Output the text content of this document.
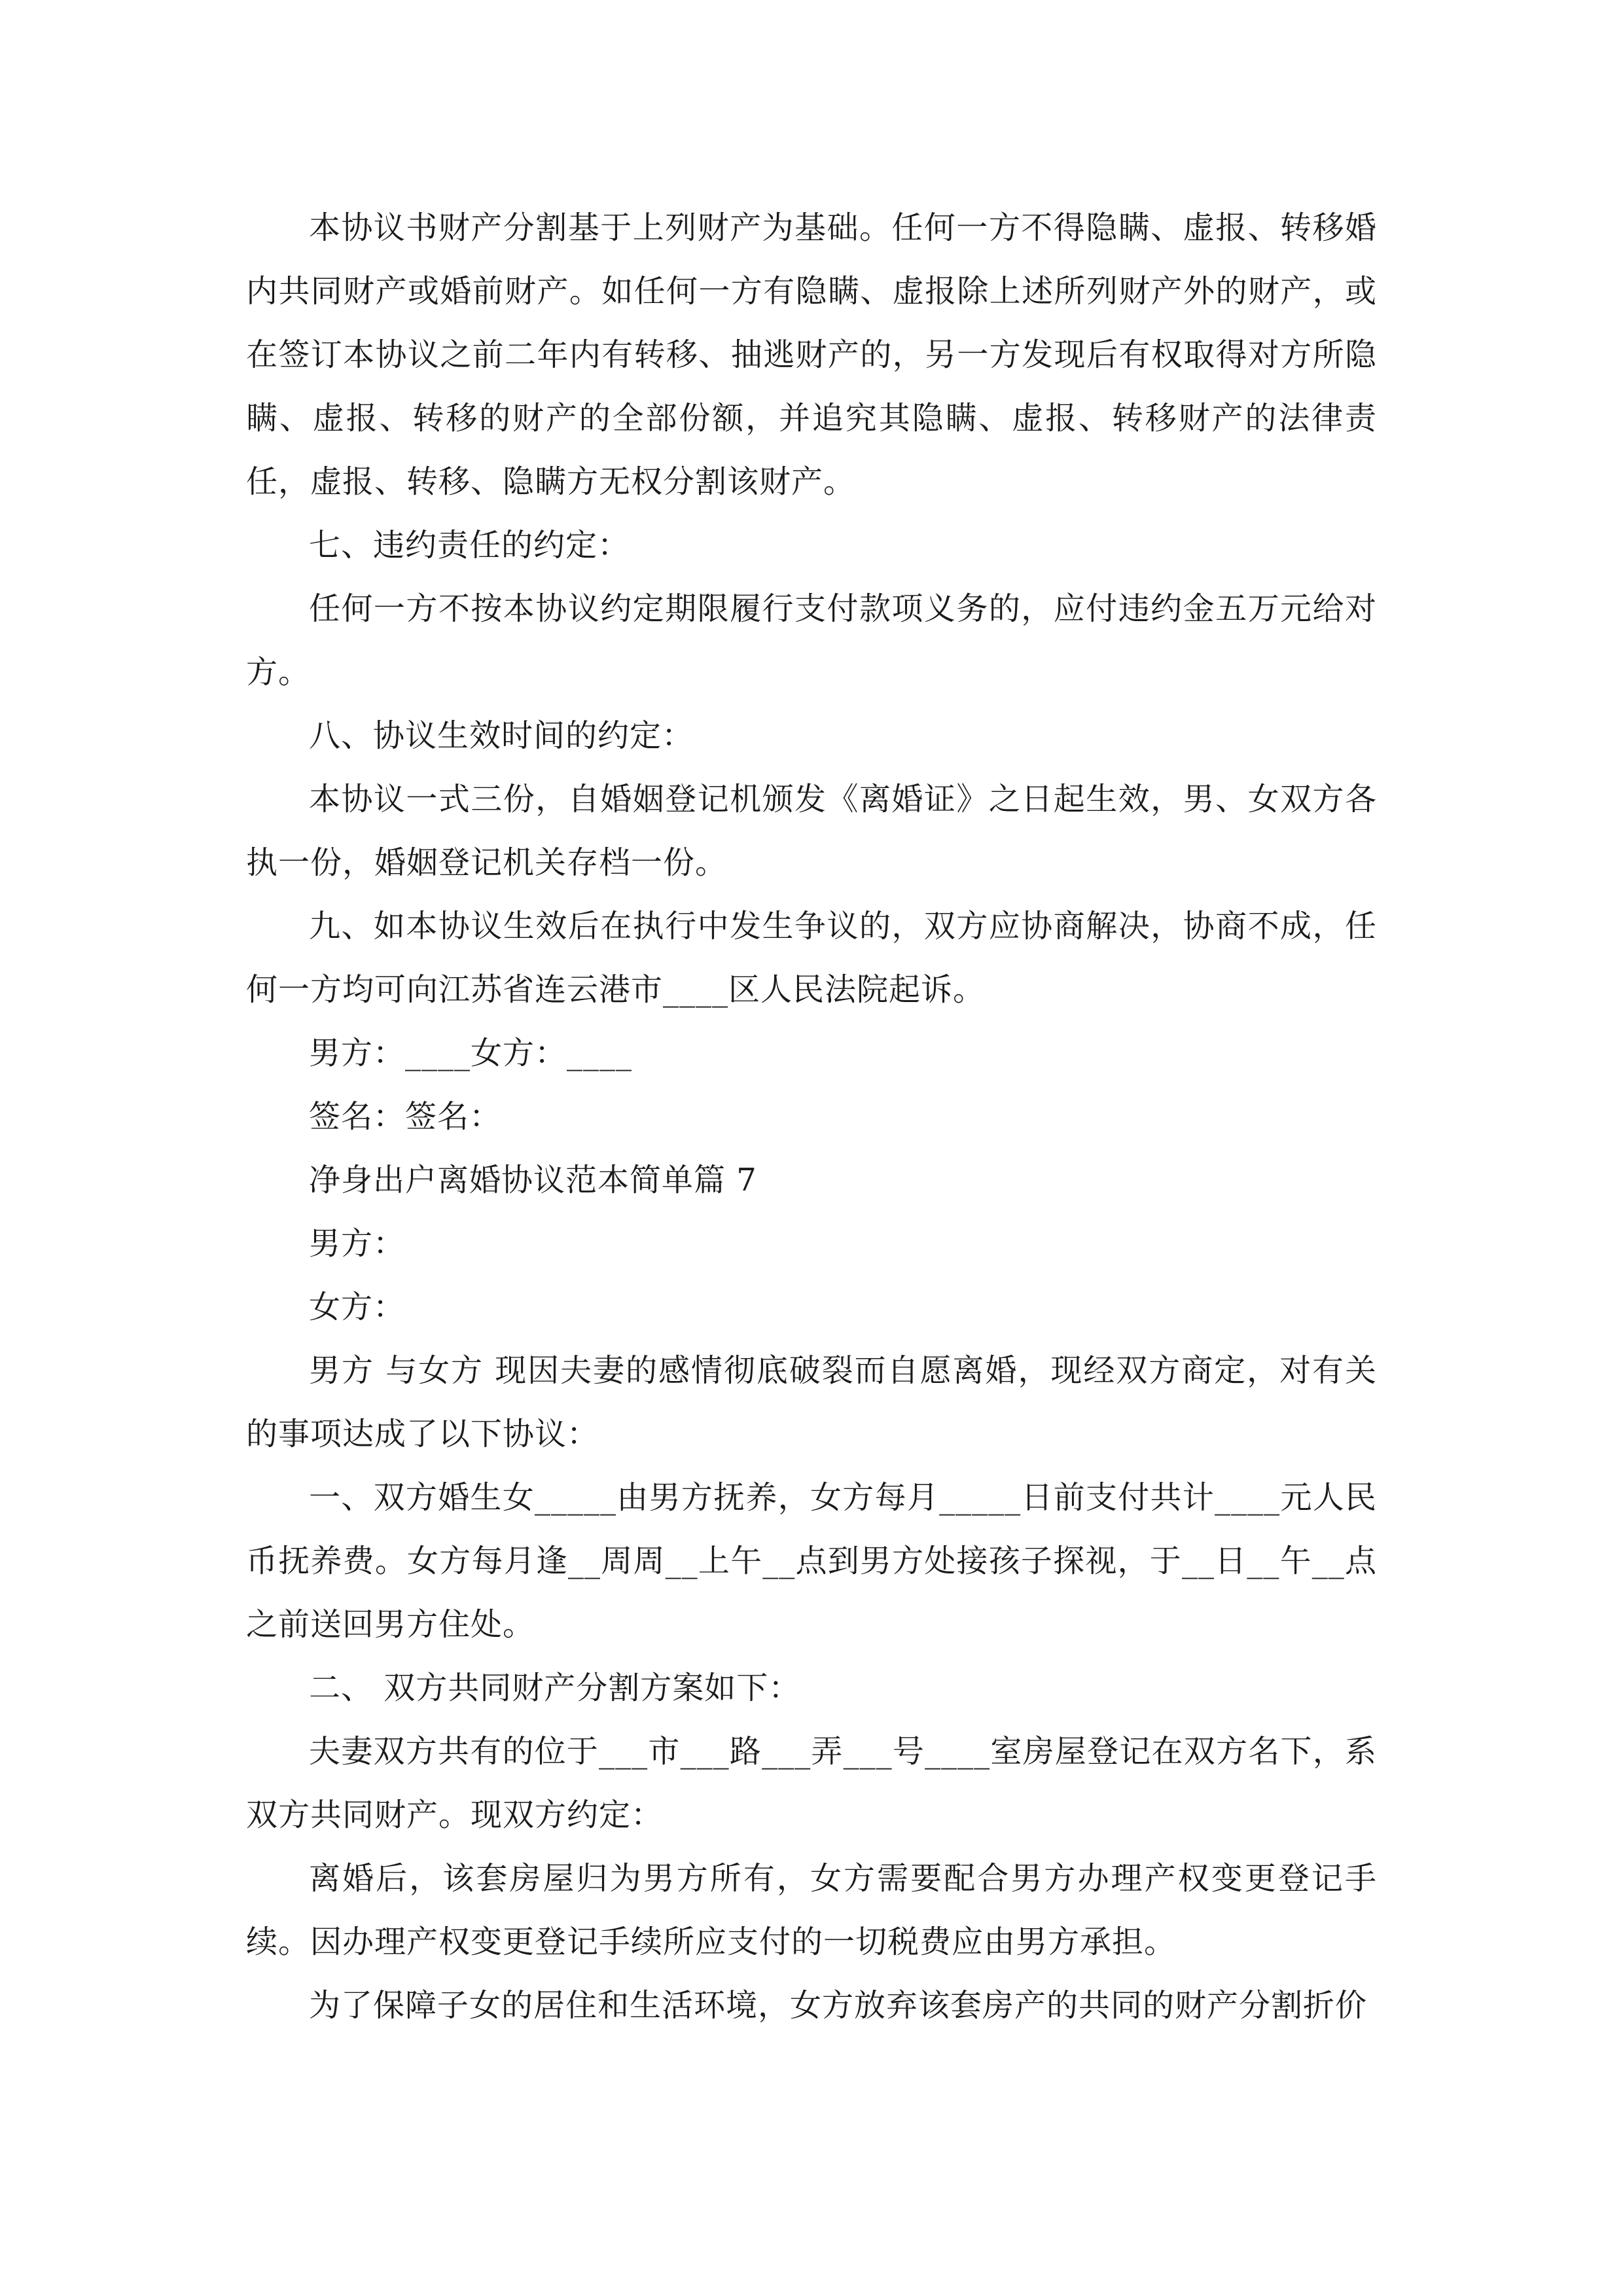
本协议书财产分割基于上列财产为基础。任何一方不得隐瞒、虚报、转移婚内共同财产或婚前财产。如任何一方有隐瞒、虚报除上述所列财产外的财产，或在签订本协议之前二年内有转移、抽逃财产的，另一方发现后有权取得对方所隐瞒、虚报、转移的财产的全部份额，并追究其隐瞒、虚报、转移财产的法律责任，虚报、转移、隐瞒方无权分割该财产。

七、违约责任的约定：

任何一方不按本协议约定期限履行支付款项义务的，应付违约金五万元给对方。

八、协议生效时间的约定：

本协议一式三份，自婚姻登记机颁发《离婚证》之日起生效，男、女双方各执一份，婚姻登记机关存档一份。

九、如本协议生效后在执行中发生争议的，双方应协商解决，协商不成，任何一方均可向江苏省连云港市____区人民法院起诉。

男方：____女方：____

签名：签名：

净身出户离婚协议范本简单篇 7

男方：

女方：

男方 与女方 现因夫妻的感情彻底破裂而自愿离婚，现经双方商定，对有关的事项达成了以下协议：

一、双方婚生女_____由男方抚养，女方每月_____日前支付共计____元人民币抚养费。女方每月逢__周周__上午__点到男方处接孩子探视，于__日__午__点之前送回男方住处。

二、 双方共同财产分割方案如下：

夫妻双方共有的位于___市___路___弄___号____室房屋登记在双方名下，系双方共同财产。现双方约定：

离婚后，该套房屋归为男方所有，女方需要配合男方办理产权变更登记手续。因办理产权变更登记手续所应支付的一切税费应由男方承担。

为了保障子女的居住和生活环境，女方放弃该套房产的共同的财产分割折价
